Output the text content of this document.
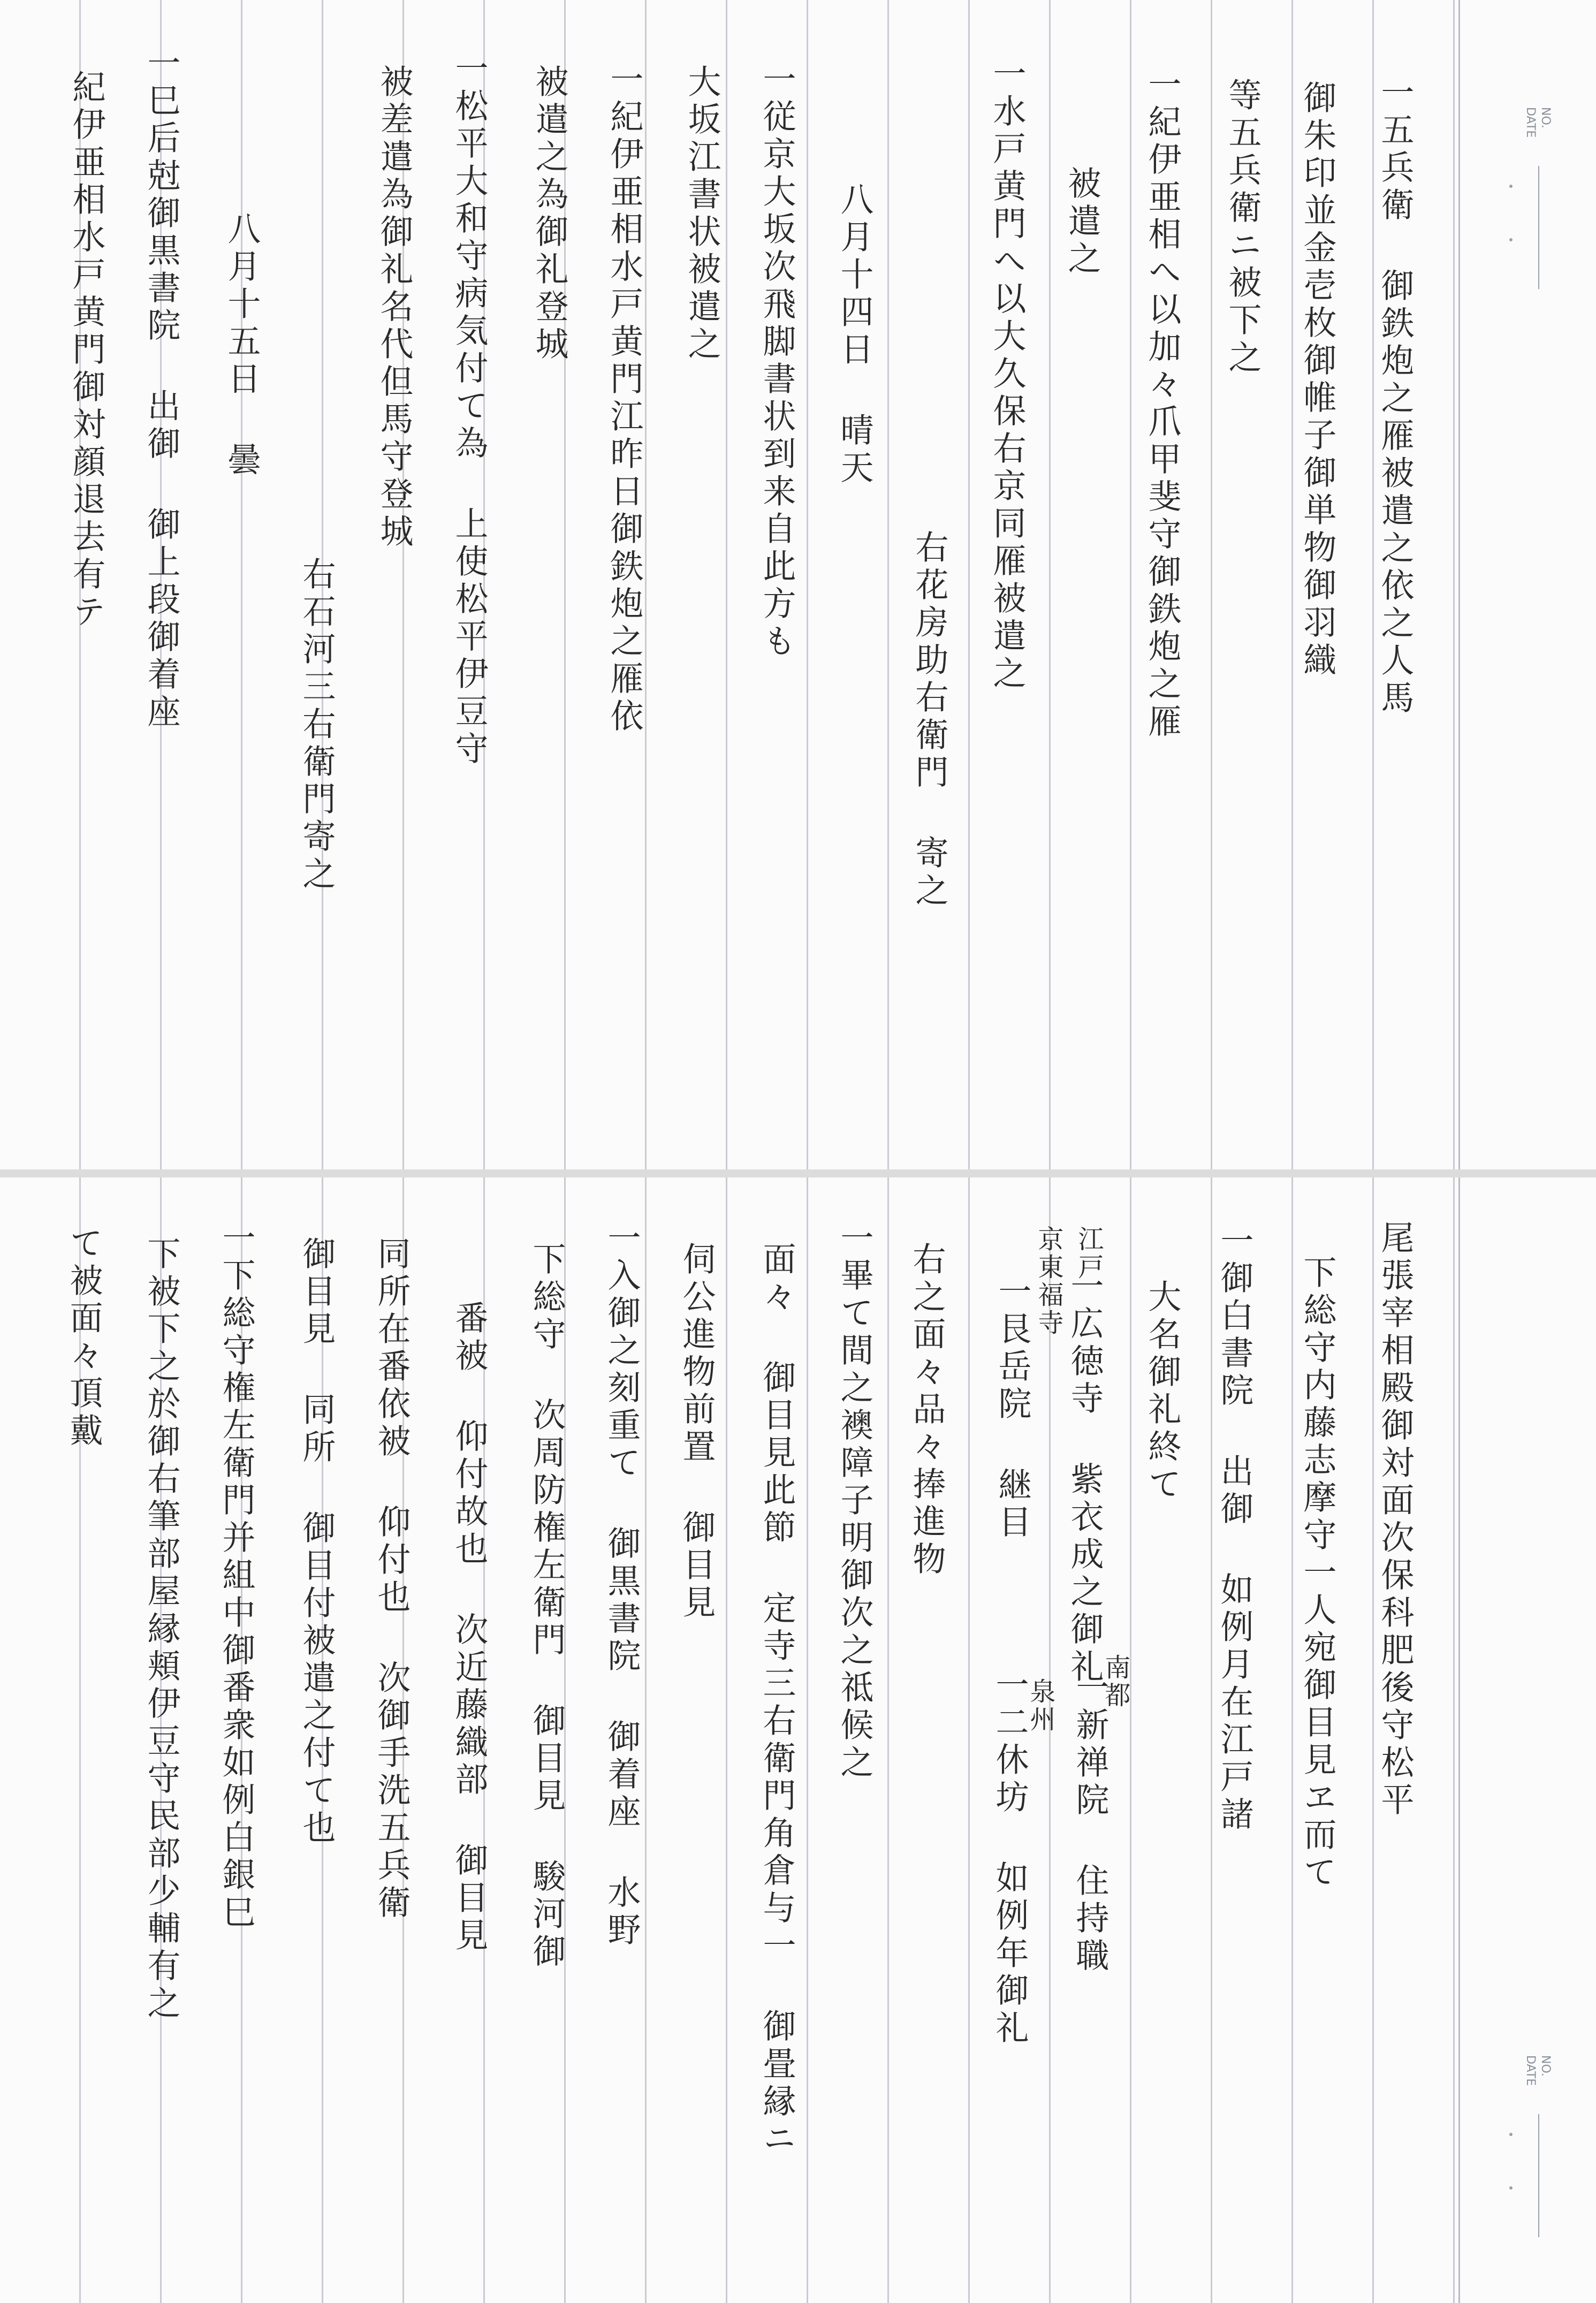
NO.
DATE
NO.
DATE
一五兵衛 御鉄炮之雁被遣之依之人馬
御朱印並金壱枚御帷子御単物御羽織
等五兵衛ニ被下之
一紀伊亜相へ以加々爪甲斐守御鉄炮之雁
被遣之
一水戸黄門へ以大久保右京同雁被遣之
右花房助右衛門 寄之
八月十四日 晴天
一従京大坂次飛脚書状到来自此方も
大坂江書状被遣之
一紀伊亜相水戸黄門江昨日御鉄炮之雁依
被遣之為御礼登城
一松平大和守病気付て為 上使松平伊豆守
被差遣為御礼名代但馬守登城
右石河三右衛門寄之
八月十五日 曇
一巳后尅御黒書院 出御 御上段御着座
紀伊亜相水戸黄門御対顔退去有テ
尾張宰相殿御対面次保科肥後守松平
下総守内藤志摩守一人宛御目見ヱ而て
一御白書院 出御 如例月在江戸諸
大名御礼終て
江戸
一広徳寺 紫衣成之御礼
京東福寺
一艮岳院 継目
南都
一新禅院 住持職
泉州
一二休坊 如例年御礼
右之面々品々捧進物
一畢て間之襖障子明御次之祗候之
面々 御目見此節 定寺三右衛門角倉与一 御畳縁ニ
伺公進物前置 御目見
一入御之刻重て 御黒書院 御着座 水野
下総守 次周防権左衛門 御目見 駿河御
番被 仰付故也 次近藤織部 御目見
同所在番依被 仰付也 次御手洗五兵衛
御目見 同所 御目付被遣之付て也
一下総守権左衛門并組中御番衆如例白銀巳
下被下之於御右筆部屋縁頬伊豆守民部少輔有之
て被面々頂戴
